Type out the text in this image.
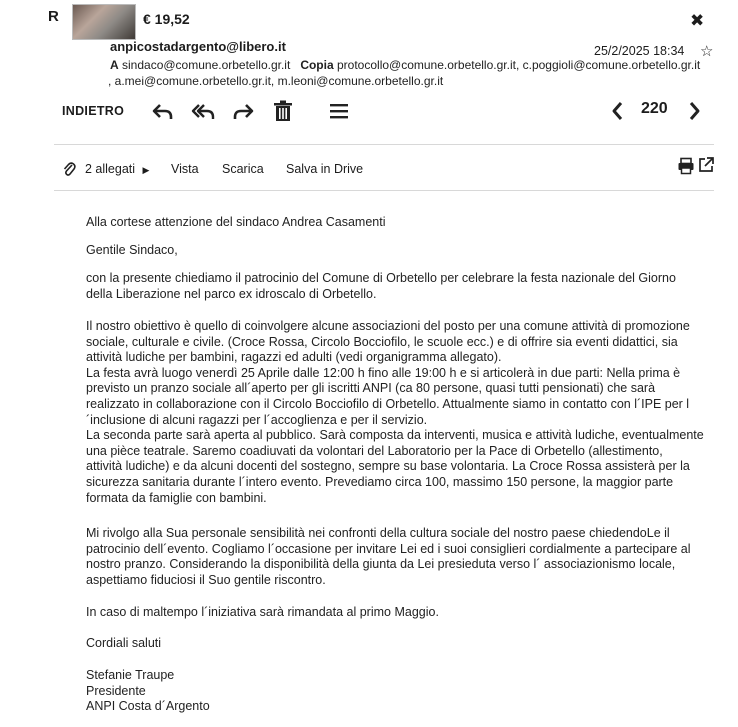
R	€ 19,52	✖
anpicostadargento@libero.it	25/2/2025 18:34 ☆
A sindaco@comune.orbetello.gr.it Copia protocollo@comune.orbetello.gr.it, c.poggioli@comune.orbetello.gr.it
, a.mei@comune.orbetello.gr.it, m.leoni@comune.orbetello.gr.it
INDIETRO	220
2 allegati ▶ Vista Scarica Salva in Drive
Alla cortese attenzione del sindaco Andrea Casamenti
Gentile Sindaco,
con la presente chiediamo il patrocinio del Comune di Orbetello per celebrare la festa nazionale del Giorno
della Liberazione nel parco ex idroscalo di Orbetello.
Il nostro obiettivo è quello di coinvolgere alcune associazioni del posto per una comune attività di promozione
sociale, culturale e civile. (Croce Rossa, Circolo Bocciofilo, le scuole ecc.) e di offrire sia eventi didattici, sia
attività ludiche per bambini, ragazzi ed adulti (vedi organigramma allegato).
La festa avrà luogo venerdì 25 Aprile dalle 12:00 h fino alle 19:00 h e si articolerà in due parti: Nella prima è
previsto un pranzo sociale all´aperto per gli iscritti ANPI (ca 80 persone, quasi tutti pensionati) che sarà
realizzato in collaborazione con il Circolo Bocciofilo di Orbetello. Attualmente siamo in contatto con l´IPE per l
´inclusione di alcuni ragazzi per l´accoglienza e per il servizio.
La seconda parte sarà aperta al pubblico. Sarà composta da interventi, musica e attività ludiche, eventualmente
una pièce teatrale. Saremo coadiuvati da volontari del Laboratorio per la Pace di Orbetello (allestimento,
attività ludiche) e da alcuni docenti del sostegno, sempre su base volontaria. La Croce Rossa assisterà per la
sicurezza sanitaria durante l´intero evento. Prevediamo circa 100, massimo 150 persone, la maggior parte
formata da famiglie con bambini.
Mi rivolgo alla Sua personale sensibilità nei confronti della cultura sociale del nostro paese chiedendoLe il
patrocinio dell´evento. Cogliamo l´occasione per invitare Lei ed i suoi consiglieri cordialmente a partecipare al
nostro pranzo. Considerando la disponibilità della giunta da Lei presieduta verso l´ associazionismo locale,
aspettiamo fiduciosi il Suo gentile riscontro.
In caso di maltempo l´iniziativa sarà rimandata al primo Maggio.
Cordiali saluti
Stefanie Traupe
Presidente
ANPI Costa d´Argento
